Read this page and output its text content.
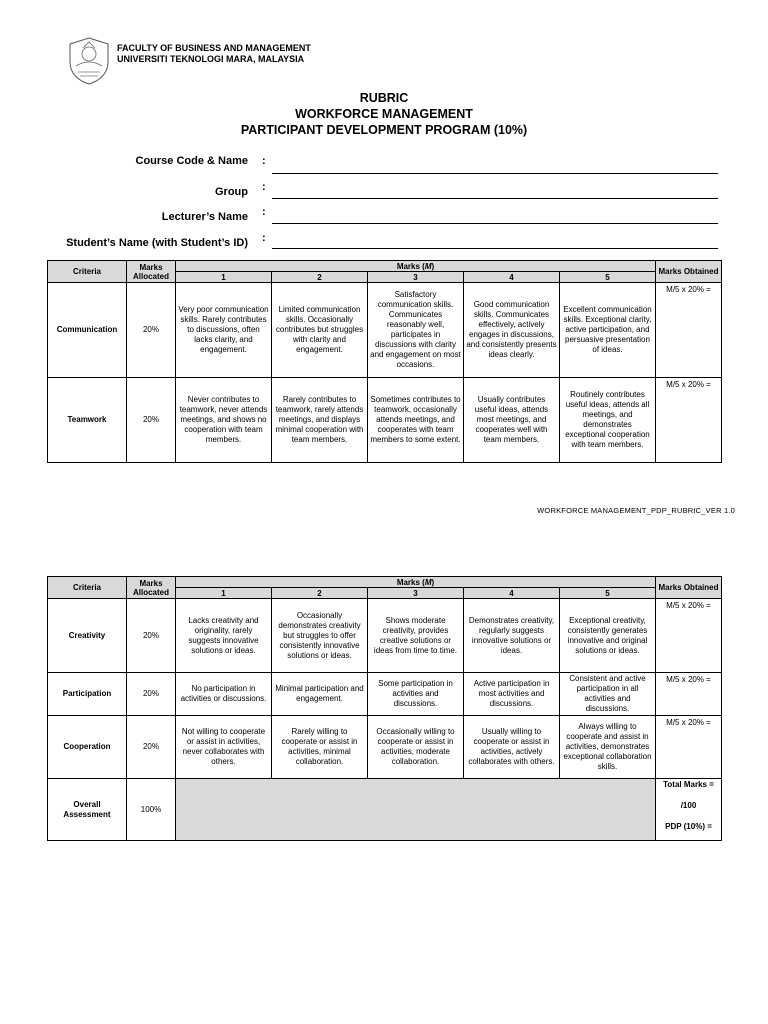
FACULTY OF BUSINESS AND MANAGEMENT
UNIVERSITI TEKNOLOGI MARA, MALAYSIA
RUBRIC
WORKFORCE MANAGEMENT
PARTICIPANT DEVELOPMENT PROGRAM (10%)
Course Code & Name :
Group :
Lecturer’s Name :
Student’s Name (with Student’s ID) :
Criteria	Marks Allocated	Marks (M)					Marks Obtained
		1	2	3	4	5	
Communication	20%	Very poor communication skills. Rarely contributes to discussions, often lacks clarity, and engagement.	Limited communication skills. Occasionally contributes but struggles with clarity and engagement.	Satisfactory communication skills. Communicates reasonably well, participates in discussions with clarity and engagement on most occasions.	Good communication skills. Communicates effectively, actively engages in discussions, and consistently presents ideas clearly.	Excellent communication skills. Exceptional clarity, active participation, and persuasive presentation of ideas.	M/5 x 20% =
Teamwork	20%	Never contributes to teamwork, never attends meetings, and shows no cooperation with team members.	Rarely contributes to teamwork, rarely attends meetings, and displays minimal cooperation with team members.	Sometimes contributes to teamwork, occasionally attends meetings, and cooperates with team members to some extent.	Usually contributes useful ideas, attends most meetings, and cooperates well with team members.	Routinely contributes useful ideas, attends all meetings, and demonstrates exceptional cooperation with team members.	M/5 x 20% =
WORKFORCE MANAGEMENT_PDP_RUBRIC_VER 1.0
Criteria	Marks Allocated	Marks (M)					Marks Obtained
		1	2	3	4	5	
Creativity	20%	Lacks creativity and originality, rarely suggests innovative solutions or ideas.	Occasionally demonstrates creativity but struggles to offer consistently innovative solutions or ideas.	Shows moderate creativity, provides creative solutions or ideas from time to time.	Demonstrates creativity, regularly suggests innovative solutions or ideas.	Exceptional creativity, consistently generates innovative and original solutions or ideas.	M/5 x 20% =
Participation	20%	No participation in activities or discussions.	Minimal participation and engagement.	Some participation in activities and discussions.	Active participation in most activities and discussions.	Consistent and active participation in all activities and discussions.	M/5 x 20% =
Cooperation	20%	Not willing to cooperate or assist in activities, never collaborates with others.	Rarely willing to cooperate or assist in activities, minimal collaboration.	Occasionally willing to cooperate or assist in activities, moderate collaboration.	Usually willing to cooperate or assist in activities, actively collaborates with others.	Always willing to cooperate and assist in activities, demonstrates exceptional collaboration skills.	M/5 x 20% =
Overall Assessment	100%						Total Marks =
/100
PDP (10%) =
